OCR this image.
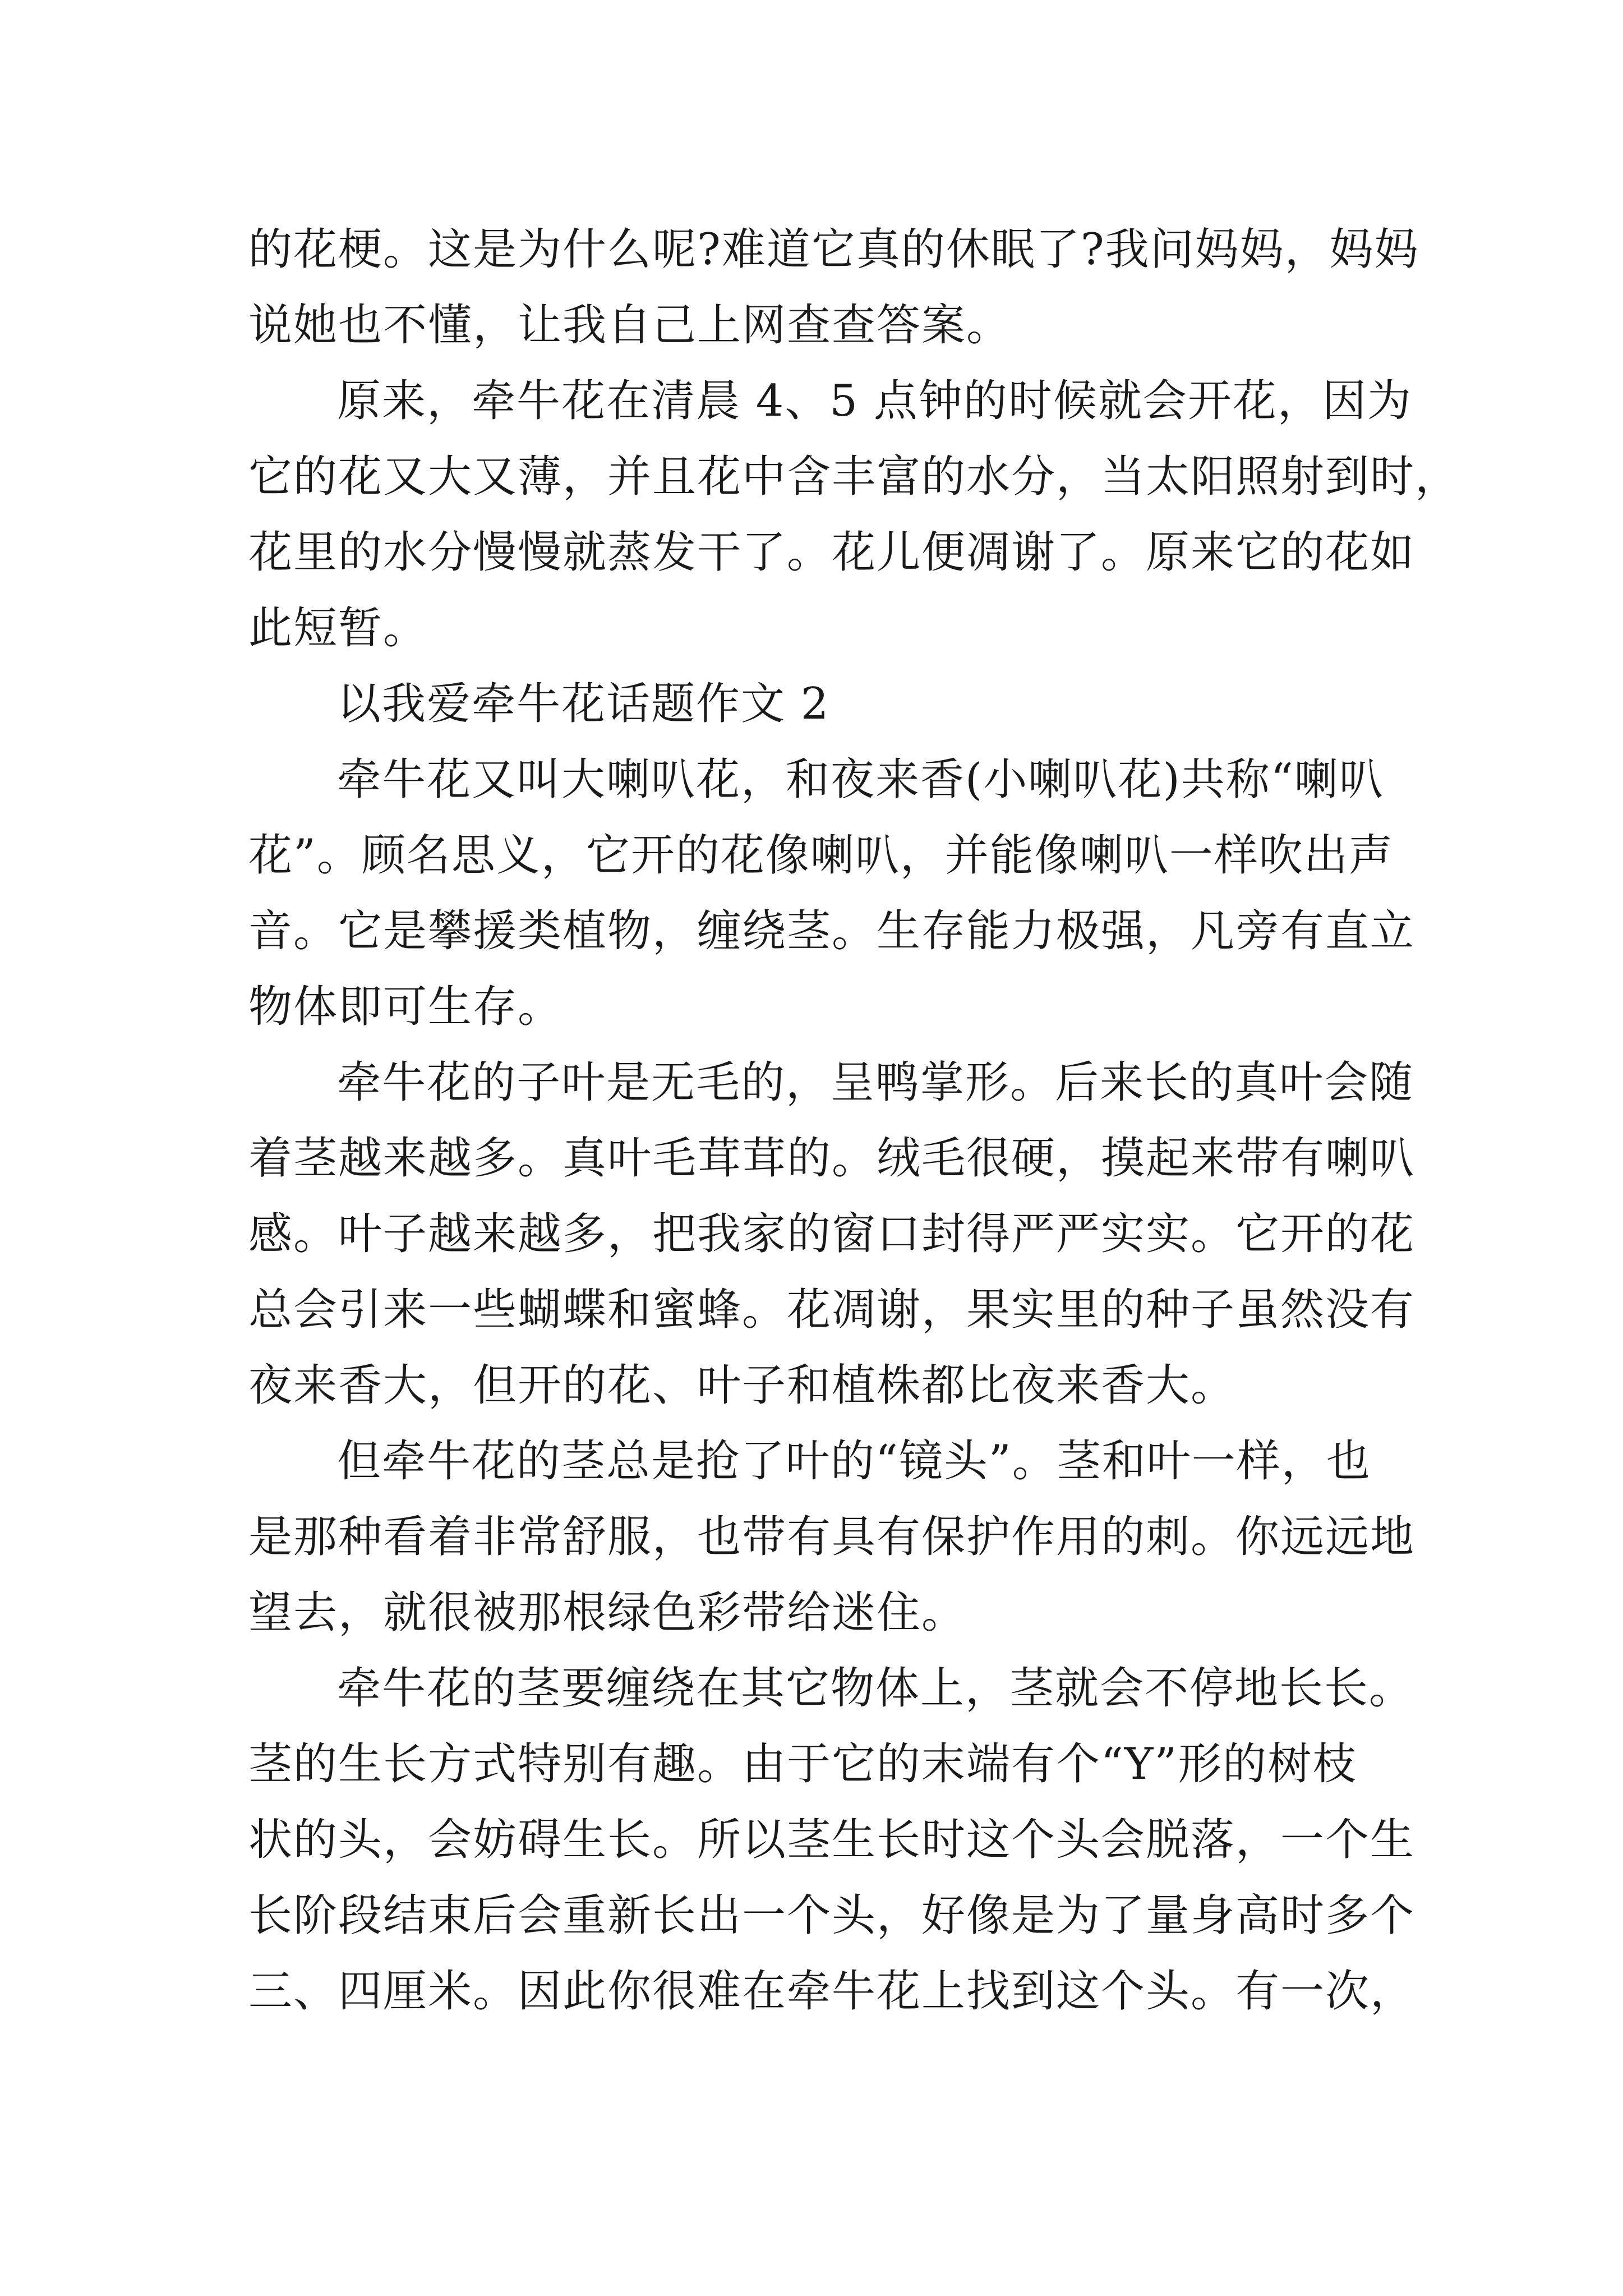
的花梗。这是为什么呢?难道它真的休眠了?我问妈妈，妈妈
说她也不懂，让我自己上网查查答案。
原来，牵牛花在清晨 4、5 点钟的时候就会开花，因为
它的花又大又薄，并且花中含丰富的水分，当太阳照射到时，
花里的水分慢慢就蒸发干了。花儿便凋谢了。原来它的花如
此短暂。
以我爱牵牛花话题作文 2
牵牛花又叫大喇叭花，和夜来香(小喇叭花)共称“喇叭
花”。顾名思义，它开的花像喇叭，并能像喇叭一样吹出声
音。它是攀援类植物，缠绕茎。生存能力极强，凡旁有直立
物体即可生存。
牵牛花的子叶是无毛的，呈鸭掌形。后来长的真叶会随
着茎越来越多。真叶毛茸茸的。绒毛很硬，摸起来带有喇叭
感。叶子越来越多，把我家的窗口封得严严实实。它开的花
总会引来一些蝴蝶和蜜蜂。花凋谢，果实里的种子虽然没有
夜来香大，但开的花、叶子和植株都比夜来香大。
但牵牛花的茎总是抢了叶的“镜头”。茎和叶一样，也
是那种看着非常舒服，也带有具有保护作用的刺。你远远地
望去，就很被那根绿色彩带给迷住。
牵牛花的茎要缠绕在其它物体上，茎就会不停地长长。
茎的生长方式特别有趣。由于它的末端有个“Y”形的树枝
状的头，会妨碍生长。所以茎生长时这个头会脱落，一个生
长阶段结束后会重新长出一个头，好像是为了量身高时多个
三、四厘米。因此你很难在牵牛花上找到这个头。有一次，
